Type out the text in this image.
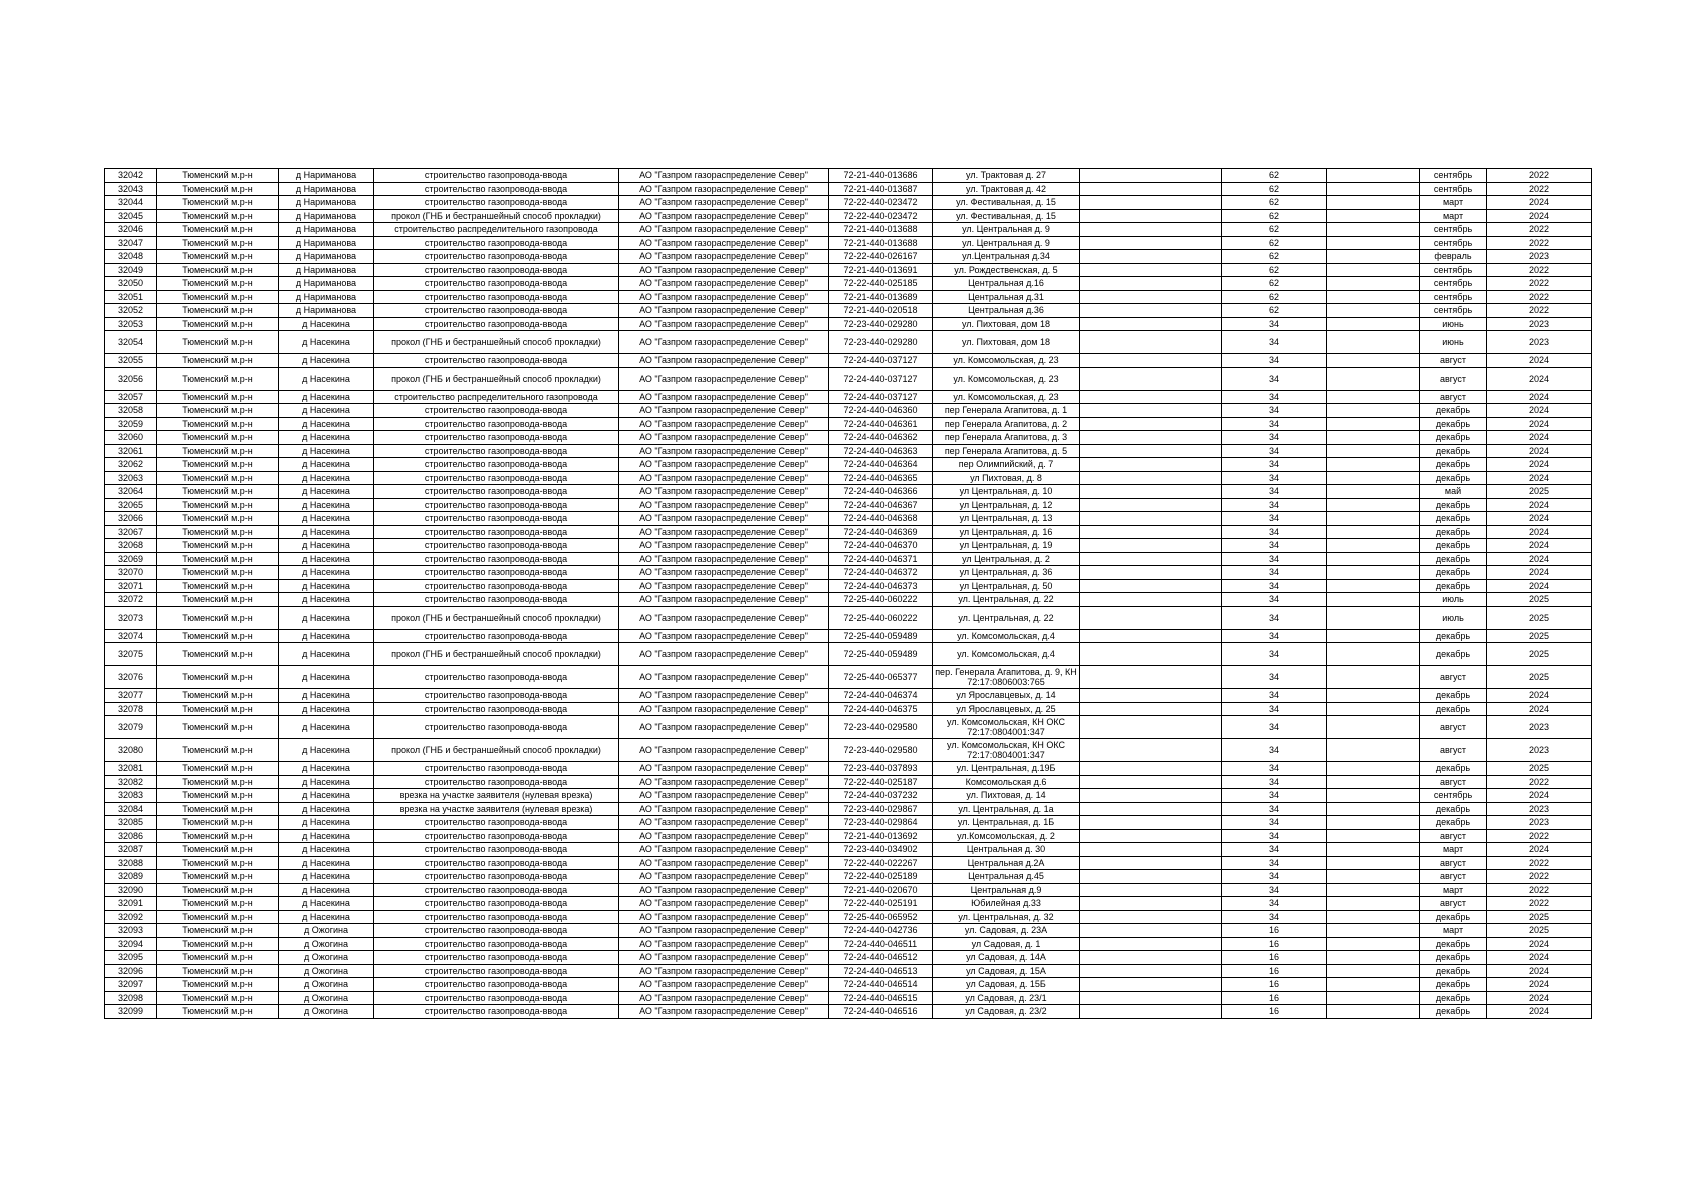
32042	Тюменский м.р-н	д Наримановa	строительство газопровода-ввода	АО "Газпром газораспределение Север"	72-21-440-013686	ул. Трактовая д. 27		62		сентябрь	2022
32043	Тюменский м.р-н	д Нариманова	строительство газопровода-ввода	АО "Газпром газораспределение Север"	72-21-440-013687	ул. Трактовая д. 42		62		сентябрь	2022
32044	Тюменский м.р-н	д Нариманова	строительство газопровода-ввода	АО "Газпром газораспределение Север"	72-22-440-023472	ул. Фестивальная, д. 15		62		март	2024
32045	Тюменский м.р-н	д Нариманова	прокол (ГНБ и бестраншейный способ прокладки)	АО "Газпром газораспределение Север"	72-22-440-023472	ул. Фестивальная, д. 15		62		март	2024
32046	Тюменский м.р-н	д Нариманова	строительство распределительного газопровода	АО "Газпром газораспределение Север"	72-21-440-013688	ул. Центральная д. 9		62		сентябрь	2022
32047	Тюменский м.р-н	д Нариманова	строительство газопровода-ввода	АО "Газпром газораспределение Север"	72-21-440-013688	ул. Центральная д. 9		62		сентябрь	2022
32048	Тюменский м.р-н	д Нариманова	строительство газопровода-ввода	АО "Газпром газораспределение Север"	72-22-440-026167	ул.Центральная д.34		62		февраль	2023
32049	Тюменский м.р-н	д Нариманова	строительство газопровода-ввода	АО "Газпром газораспределение Север"	72-21-440-013691	ул. Рождественская, д. 5		62		сентябрь	2022
32050	Тюменский м.р-н	д Нариманова	строительство газопровода-ввода	АО "Газпром газораспределение Север"	72-22-440-025185	Центральная д.16		62		сентябрь	2022
32051	Тюменский м.р-н	д Нариманова	строительство газопровода-ввода	АО "Газпром газораспределение Север"	72-21-440-013689	Центральная д.31		62		сентябрь	2022
32052	Тюменский м.р-н	д Нариманова	строительство газопровода-ввода	АО "Газпром газораспределение Север"	72-21-440-020518	Центральная д.36		62		сентябрь	2022
32053	Тюменский м.р-н	д Насекина	строительство газопровода-ввода	АО "Газпром газораспределение Север"	72-23-440-029280	ул. Пихтовая, дом 18		34		июнь	2023
32054	Тюменский м.р-н	д Насекина	прокол (ГНБ и бестраншейный способ прокладки)	АО "Газпром газораспределение Север"	72-23-440-029280	ул. Пихтовая, дом 18		34		июнь	2023
32055	Тюменский м.р-н	д Насекина	строительство газопровода-ввода	АО "Газпром газораспределение Север"	72-24-440-037127	ул. Комсомольская, д. 23		34		август	2024
32056	Тюменский м.р-н	д Насекина	прокол (ГНБ и бестраншейный способ прокладки)	АО "Газпром газораспределение Север"	72-24-440-037127	ул. Комсомольская, д. 23		34		август	2024
32057	Тюменский м.р-н	д Насекина	строительство распределительного газопровода	АО "Газпром газораспределение Север"	72-24-440-037127	ул. Комсомольская, д. 23		34		август	2024
32058	Тюменский м.р-н	д Насекина	строительство газопровода-ввода	АО "Газпром газораспределение Север"	72-24-440-046360	пер Генерала Агапитова, д. 1		34		декабрь	2024
32059	Тюменский м.р-н	д Насекина	строительство газопровода-ввода	АО "Газпром газораспределение Север"	72-24-440-046361	пер Генерала Агапитова, д. 2		34		декабрь	2024
32060	Тюменский м.р-н	д Насекина	строительство газопровода-ввода	АО "Газпром газораспределение Север"	72-24-440-046362	пер Генерала Агапитова, д. 3		34		декабрь	2024
32061	Тюменский м.р-н	д Насекина	строительство газопровода-ввода	АО "Газпром газораспределение Север"	72-24-440-046363	пер Генерала Агапитова, д. 5		34		декабрь	2024
32062	Тюменский м.р-н	д Насекина	строительство газопровода-ввода	АО "Газпром газораспределение Север"	72-24-440-046364	пер Олимпийский, д. 7		34		декабрь	2024
32063	Тюменский м.р-н	д Насекина	строительство газопровода-ввода	АО "Газпром газораспределение Север"	72-24-440-046365	ул Пихтовая, д. 8		34		декабрь	2024
32064	Тюменский м.р-н	д Насекина	строительство газопровода-ввода	АО "Газпром газораспределение Север"	72-24-440-046366	ул Центральная, д. 10		34		май	2025
32065	Тюменский м.р-н	д Насекина	строительство газопровода-ввода	АО "Газпром газораспределение Север"	72-24-440-046367	ул Центральная, д. 12		34		декабрь	2024
32066	Тюменский м.р-н	д Насекина	строительство газопровода-ввода	АО "Газпром газораспределение Север"	72-24-440-046368	ул Центральная, д. 13		34		декабрь	2024
32067	Тюменский м.р-н	д Насекина	строительство газопровода-ввода	АО "Газпром газораспределение Север"	72-24-440-046369	ул Центральная, д. 16		34		декабрь	2024
32068	Тюменский м.р-н	д Насекина	строительство газопровода-ввода	АО "Газпром газораспределение Север"	72-24-440-046370	ул Центральная, д. 19		34		декабрь	2024
32069	Тюменский м.р-н	д Насекина	строительство газопровода-ввода	АО "Газпром газораспределение Север"	72-24-440-046371	ул Центральная, д. 2		34		декабрь	2024
32070	Тюменский м.р-н	д Насекина	строительство газопровода-ввода	АО "Газпром газораспределение Север"	72-24-440-046372	ул Центральная, д. 36		34		декабрь	2024
32071	Тюменский м.р-н	д Насекина	строительство газопровода-ввода	АО "Газпром газораспределение Север"	72-24-440-046373	ул Центральная, д. 50		34		декабрь	2024
32072	Тюменский м.р-н	д Насекина	строительство газопровода-ввода	АО "Газпром газораспределение Север"	72-25-440-060222	ул. Центральная, д. 22		34		июль	2025
32073	Тюменский м.р-н	д Насекина	прокол (ГНБ и бестраншейный способ прокладки)	АО "Газпром газораспределение Север"	72-25-440-060222	ул. Центральная, д. 22		34		июль	2025
32074	Тюменский м.р-н	д Насекина	строительство газопровода-ввода	АО "Газпром газораспределение Север"	72-25-440-059489	ул. Комсомольская, д.4		34		декабрь	2025
32075	Тюменский м.р-н	д Насекина	прокол (ГНБ и бестраншейный способ прокладки)	АО "Газпром газораспределение Север"	72-25-440-059489	ул. Комсомольская, д.4		34		декабрь	2025
32076	Тюменский м.р-н	д Насекина	строительство газопровода-ввода	АО "Газпром газораспределение Север"	72-25-440-065377	пер. Генерала Агапитова, д. 9, КН 72:17:0806003:765		34		август	2025
32077	Тюменский м.р-н	д Насекина	строительство газопровода-ввода	АО "Газпром газораспределение Север"	72-24-440-046374	ул Ярославцевых, д. 14		34		декабрь	2024
32078	Тюменский м.р-н	д Насекина	строительство газопровода-ввода	АО "Газпром газораспределение Север"	72-24-440-046375	ул Ярославцевых, д. 25		34		декабрь	2024
32079	Тюменский м.р-н	д Насекина	строительство газопровода-ввода	АО "Газпром газораспределение Север"	72-23-440-029580	ул. Комсомольская, КН ОКС 72:17:0804001:347		34		август	2023
32080	Тюменский м.р-н	д Насекина	прокол (ГНБ и бестраншейный способ прокладки)	АО "Газпром газораспределение Север"	72-23-440-029580	ул. Комсомольская, КН ОКС 72:17:0804001:347		34		август	2023
32081	Тюменский м.р-н	д Насекина	строительство газопровода-ввода	АО "Газпром газораспределение Север"	72-23-440-037893	ул. Центральная, д.19Б		34		декабрь	2025
32082	Тюменский м.р-н	д Насекина	строительство газопровода-ввода	АО "Газпром газораспределение Север"	72-22-440-025187	Комсомольская д.6		34		август	2022
32083	Тюменский м.р-н	д Насекина	врезка на участке заявителя (нулевая врезка)	АО "Газпром газораспределение Север"	72-24-440-037232	ул. Пихтовая, д. 14		34		сентябрь	2024
32084	Тюменский м.р-н	д Насекина	врезка на участке заявителя (нулевая врезка)	АО "Газпром газораспределение Север"	72-23-440-029867	ул. Центральная, д. 1а		34		декабрь	2023
32085	Тюменский м.р-н	д Насекина	строительство газопровода-ввода	АО "Газпром газораспределение Север"	72-23-440-029864	ул. Центральная, д. 1Б		34		декабрь	2023
32086	Тюменский м.р-н	д Насекина	строительство газопровода-ввода	АО "Газпром газораспределение Север"	72-21-440-013692	ул.Комсомольская, д. 2		34		август	2022
32087	Тюменский м.р-н	д Насекина	строительство газопровода-ввода	АО "Газпром газораспределение Север"	72-23-440-034902	Центральная д. 30		34		март	2024
32088	Тюменский м.р-н	д Насекина	строительство газопровода-ввода	АО "Газпром газораспределение Север"	72-22-440-022267	Центральная д.2А		34		август	2022
32089	Тюменский м.р-н	д Насекина	строительство газопровода-ввода	АО "Газпром газораспределение Север"	72-22-440-025189	Центральная д.45		34		август	2022
32090	Тюменский м.р-н	д Насекина	строительство газопровода-ввода	АО "Газпром газораспределение Север"	72-21-440-020670	Центральная д.9		34		март	2022
32091	Тюменский м.р-н	д Насекина	строительство газопровода-ввода	АО "Газпром газораспределение Север"	72-22-440-025191	Юбилейная д.33		34		август	2022
32092	Тюменский м.р-н	д Насекина	строительство газопровода-ввода	АО "Газпром газораспределение Север"	72-25-440-065952	ул. Центральная, д. 32		34		декабрь	2025
32093	Тюменский м.р-н	д Ожогина	строительство газопровода-ввода	АО "Газпром газораспределение Север"	72-24-440-042736	ул. Садовая, д. 23А		16		март	2025
32094	Тюменский м.р-н	д Ожогина	строительство газопровода-ввода	АО "Газпром газораспределение Север"	72-24-440-046511	ул Садовая, д. 1		16		декабрь	2024
32095	Тюменский м.р-н	д Ожогина	строительство газопровода-ввода	АО "Газпром газораспределение Север"	72-24-440-046512	ул Садовая, д. 14А		16		декабрь	2024
32096	Тюменский м.р-н	д Ожогина	строительство газопровода-ввода	АО "Газпром газораспределение Север"	72-24-440-046513	ул Садовая, д. 15А		16		декабрь	2024
32097	Тюменский м.р-н	д Ожогина	строительство газопровода-ввода	АО "Газпром газораспределение Север"	72-24-440-046514	ул Садовая, д. 15Б		16		декабрь	2024
32098	Тюменский м.р-н	д Ожогина	строительство газопровода-ввода	АО "Газпром газораспределение Север"	72-24-440-046515	ул Садовая, д. 23/1		16		декабрь	2024
32099	Тюменский м.р-н	д Ожогина	строительство газопровода-ввода	АО "Газпром газораспределение Север"	72-24-440-046516	ул Садовая, д. 23/2		16		декабрь	2024
